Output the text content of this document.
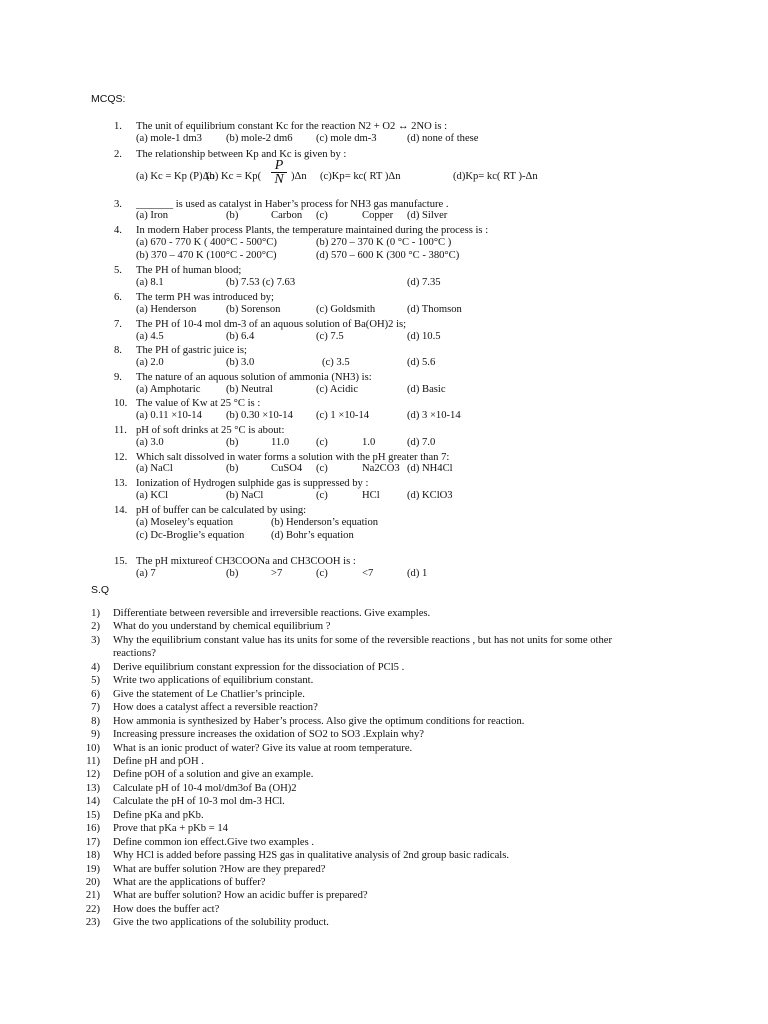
MCQS:
1. The unit of equilibrium constant Kc for the reaction N2 + O2 ↔ 2NO is :
(a) mole-1 dm3 (b) mole-2 dm6 (c) mole dm-3	(d) none of these
2. The relationship between Kp and Kc is given by :
(a) Kc = Kp (P)Δn
(b) Kc = Kp(	)Δn (c)Kp= kc( RT )Δn	(d)Kp= kc( RT )-Δn
$\frac{P}{N}$
3. _______ is used as catalyst in Haber’s process for NH3 gas manufacture .
(a) Iron	(b)	Carbon (c)	Copper (d) Silver
4. In modern Haber process Plants, the temperature maintained during the process is :
(a) 670 - 770 K ( 400°C - 500°C)	(b) 270 – 370 K (0 °C - 100°C )
(b) 370 – 470 K (100°C - 200°C)	(d) 570 – 600 K (300 °C - 380°C)
5. The PH of human blood;
(a) 8.1	(b) 7.53 (c) 7.63	(d) 7.35
6. The term PH was introduced by;
(a) Henderson	(b) Sorenson	(c) Goldsmith	(d) Thomson
7. The PH of 10-4 mol dm-3 of an aquous solution of Ba(OH)2 is;
(a) 4.5	(b) 6.4	(c) 7.5	(d) 10.5
8. The PH of gastric juice is;
(a) 2.0	(b) 3.0	(c) 3.5	(d) 5.6
9. The nature of an aquous solution of ammonia (NH3) is:
(a) Amphotaric (b) Neutral	(c) Acidic	(d) Basic
10. The value of Kw at 25 °C is :
(a) 0.11 ×10-14 (b) 0.30 ×10-14 (c) 1 ×10-14	(d) 3 ×10-14
11. pH of soft drinks at 25 °C is about:
(a) 3.0	(b)	11.0	(c)	1.0	(d) 7.0
12. Which salt dissolved in water forms a solution with the pH greater than 7:
(a) NaCl	(b)	CuSO4 (c)	Na2CO3 (d) NH4Cl
13. Ionization of Hydrogen sulphide gas is suppressed by :
(a) KCl	(b) NaCl	(c)	HCl	(d) KClO3
14. pH of buffer can be calculated by using:
(a) Moseley’s equation	(b) Henderson’s equation
(c) Dc-Broglie’s equation	(d) Bohr’s equation
15. The pH mixtureof CH3COONa and CH3COOH is :
(a) 7	(b)	>7	(c)	<7	(d) 1
S.Q
1) Differentiate between reversible and irreversible reactions. Give examples.
2) What do you understand by chemical equilibrium ?
3) Why the equilibrium constant value has its units for some of the reversible reactions , but has not units for some other
reactions?
4) Derive equilibrium constant expression for the dissociation of PCl5 .
5) Write two applications of equilibrium constant.
6) Give the statement of Le Chatlier’s principle.
7) How does a catalyst affect a reversible reaction?
8) How ammonia is synthesized by Haber’s process. Also give the optimum conditions for reaction.
9) Increasing pressure increases the oxidation of SO2 to SO3 .Explain why?
10) What is an ionic product of water? Give its value at room temperature.
11) Define pH and pOH .
12) Define pOH of a solution and give an example.
13) Calculate pH of 10-4 mol/dm3of Ba (OH)2
14) Calculate the pH of 10-3 mol dm-3 HCl.
15) Define pKa and pKb.
16) Prove that pKa + pKb = 14
17) Define common ion effect.Give two examples .
18) Why HCl is added before passing H2S gas in qualitative analysis of 2nd group basic radicals.
19) What are buffer solution ?How are they prepared?
20) What are the applications of buffer?
21) What are buffer solution? How an acidic buffer is prepared?
22) How does the buffer act?
23) Give the two applications of the solubility product.
